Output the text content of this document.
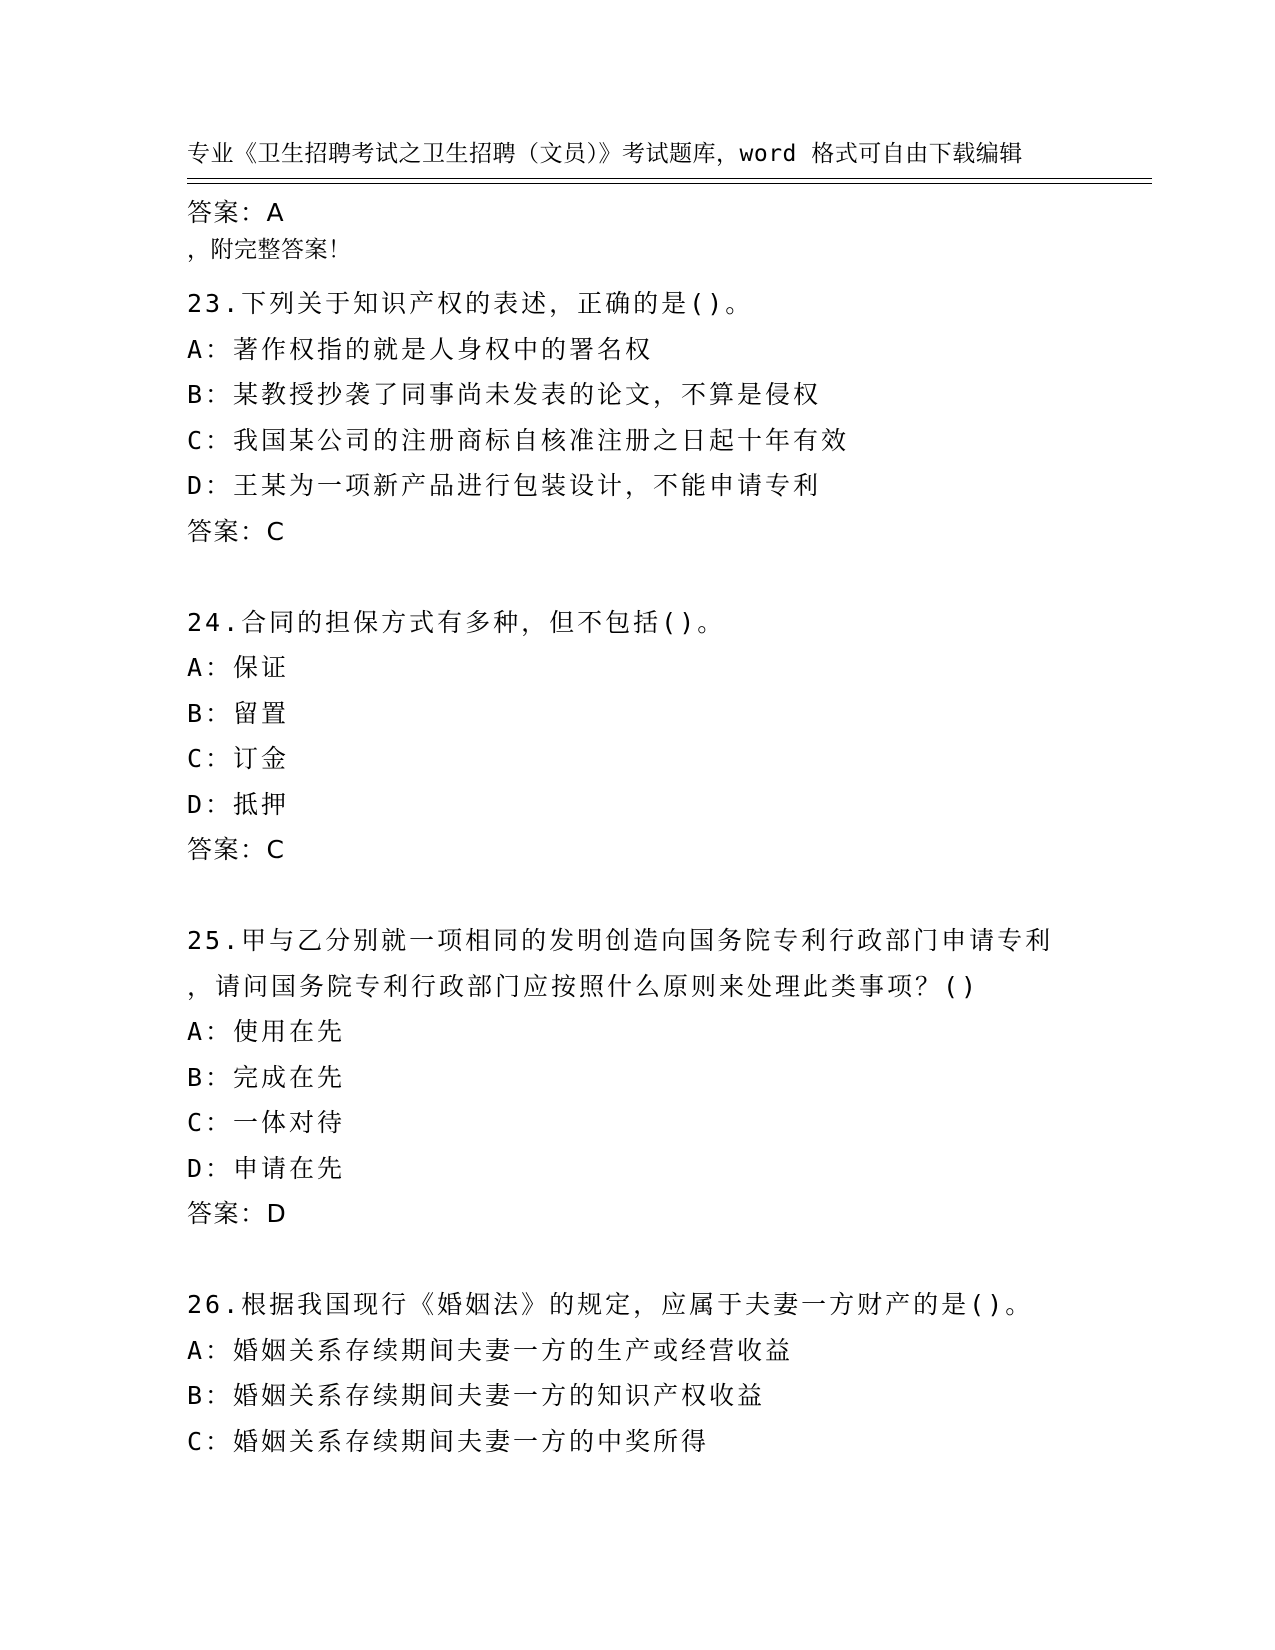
专业《卫生招聘考试之卫生招聘（文员）》考试题库，word 格式可自由下载编辑

，附完整答案！

答案：A
23.下列关于知识产权的表述，正确的是()。
A：著作权指的就是人身权中的署名权
B：某教授抄袭了同事尚未发表的论文，不算是侵权
C：我国某公司的注册商标自核准注册之日起十年有效
D：王某为一项新产品进行包装设计，不能申请专利
答案：C
24.合同的担保方式有多种，但不包括()。
A：保证
B：留置
C：订金
D：抵押
答案：C
25.甲与乙分别就一项相同的发明创造向国务院专利行政部门申请专利
，请问国务院专利行政部门应按照什么原则来处理此类事项？()
A：使用在先
B：完成在先
C：一体对待
D：申请在先
答案：D
26.根据我国现行《婚姻法》的规定，应属于夫妻一方财产的是()。
A：婚姻关系存续期间夫妻一方的生产或经营收益
B：婚姻关系存续期间夫妻一方的知识产权收益
C：婚姻关系存续期间夫妻一方的中奖所得
